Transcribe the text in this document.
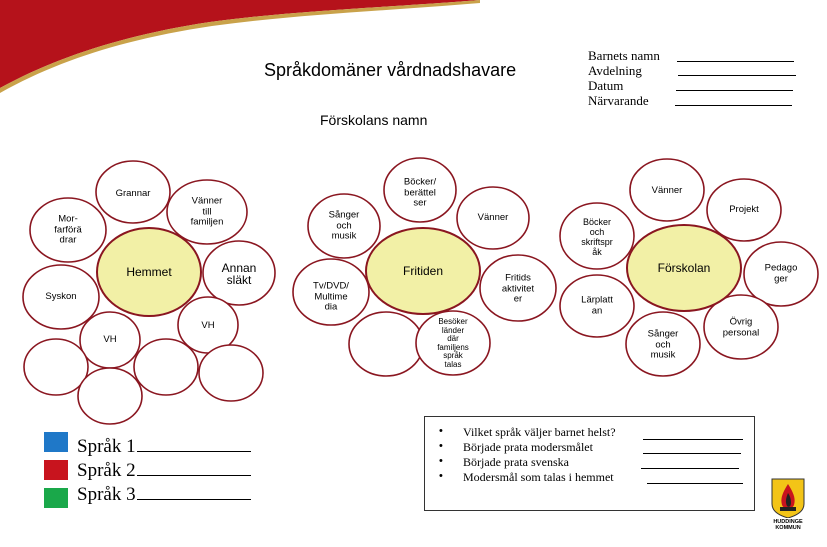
Språkdomäner vårdnadshavare
Förskolans namn
Barnets namn
Avdelning
Datum
Närvarande
Hemmet
Grannar
Vänner
till
familjen
Mor-
farförä
drar
Annan
släkt
Syskon
VH
VH
Fritiden
Böcker/
berättel
ser
Sånger
och
musik
Vänner
Tv/DVD/
Multime
dia
Fritids
aktivitet
er
Besöker
länder
där
familjens
språk
talas
Förskolan
Vänner
Böcker
och
skriftspr
åk
Projekt
Pedago
ger
Lärplatt
an
Övrig
personal
Sånger
och
musik
Språk 1
Språk 2
Språk 3
• Vilket språk väljer barnet helst?
• Började prata modersmålet
• Började prata svenska
• Modersmål som talas i hemmet
HUDDINGE
KOMMUN
